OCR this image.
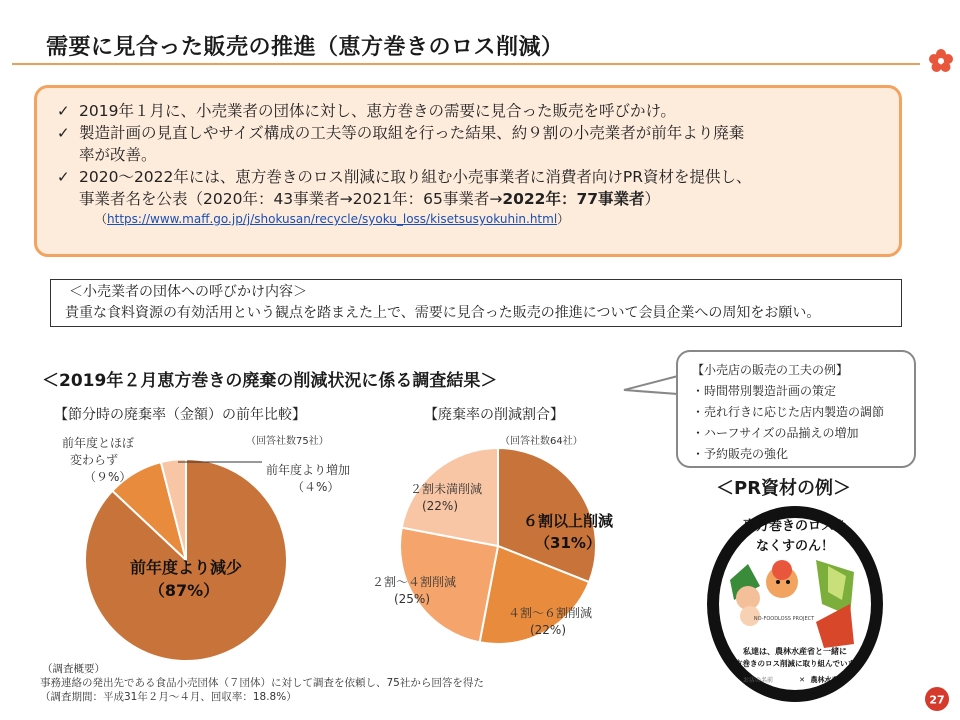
需要に見合った販売の推進（恵方巻きのロス削減）
✓ 2019年１月に、小売業者の団体に対し、恵方巻きの需要に見合った販売を呼びかけ。
✓ 製造計画の見直しやサイズ構成の工夫等の取組を行った結果、約９割の小売業者が前年より廃棄
率が改善。
✓ 2020～2022年には、恵方巻きのロス削減に取り組む小売事業者に消費者向けPR資材を提供し、
事業者名を公表（2020年：43事業者→2021年：65事業者→2022年：77事業者）
（https://www.maff.go.jp/j/shokusan/recycle/syoku_loss/kisetsusyokuhin.html）
＜小売業者の団体への呼びかけ内容＞
貴重な食料資源の有効活用という観点を踏まえた上で、需要に見合った販売の推進について会員企業への周知をお願い。
＜2019年２月恵方巻きの廃棄の削減状況に係る調査結果＞
【節分時の廃棄率（金額）の前年比較】	【廃棄率の削減割合】
（回答社数75社）	（回答社数64社）
前年度とほぼ
変わらず
（９%）	前年度より増加
（４%）
前年度より減少
（87%）
６割以上削減
（31%）
４割～６割削減
(22%)
２割～４割削減
(25%)
２割未満削減
(22%)
【小売店の販売の工夫の例】
・時間帯別製造計画の策定
・売れ行きに応じた店内製造の調節
・ハーフサイズの品揃えの増加
・予約販売の強化
＜PR資材の例＞
恵方巻きのロスを
なくすのん！
NO-FOODLOSS PROJECT
私達は、農林水産省と一緒に
恵方巻きのロス削減に取り組んでいます
お店の名前	✕ 農林水産省
（調査概要）
事務連絡の発出先である食品小売団体（７団体）に対して調査を依頼し、75社から回答を得た
（調査期間：平成31年２月～４月、回収率：18.8%）	27
